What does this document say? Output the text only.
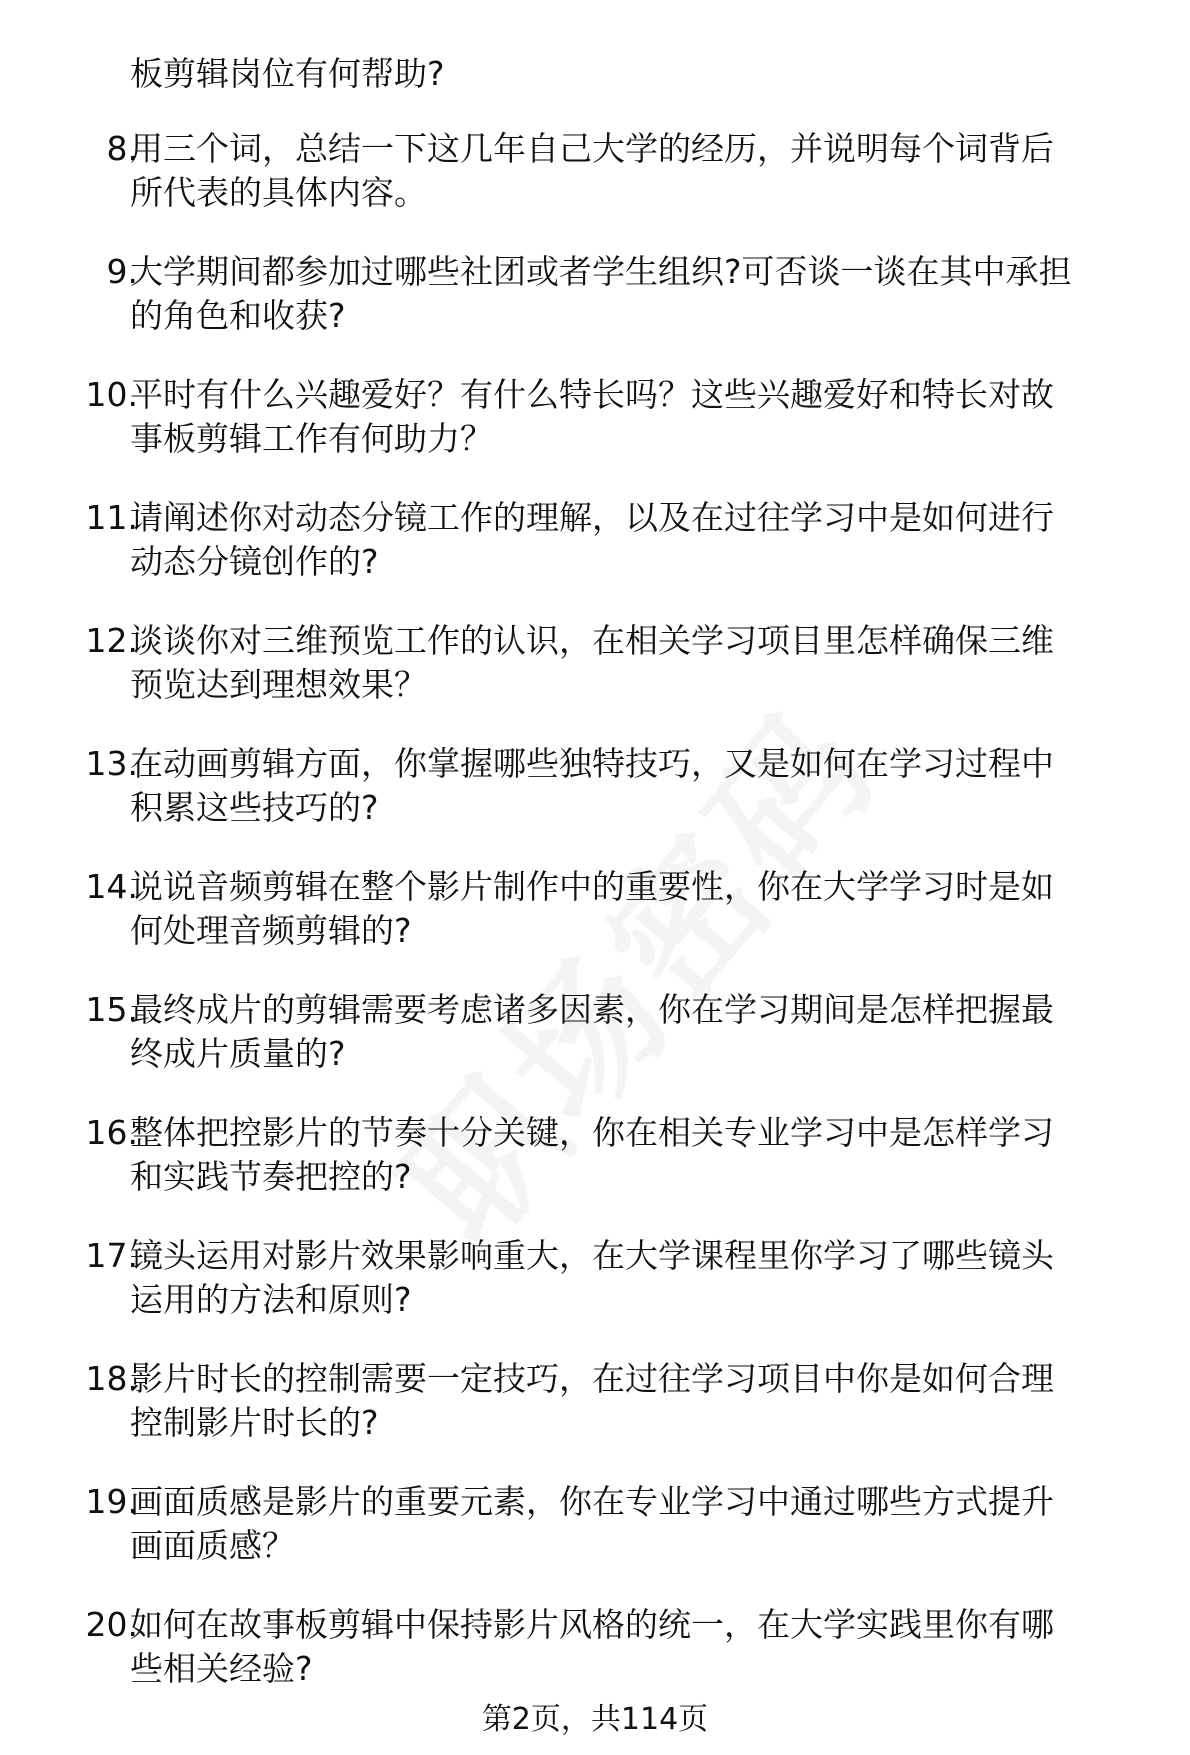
板剪辑岗位有何帮助?
8.
用三个词，总结一下这几年自己大学的经历，并说明每个词背后
所代表的具体内容。
9.
大学期间都参加过哪些社团或者学生组织?可否谈一谈在其中承担
的角色和收获?
10.
平时有什么兴趣爱好？有什么特长吗？这些兴趣爱好和特长对故
事板剪辑工作有何助力？
11.
请阐述你对动态分镜工作的理解，以及在过往学习中是如何进行
动态分镜创作的?
12.
谈谈你对三维预览工作的认识，在相关学习项目里怎样确保三维
预览达到理想效果？
13.
在动画剪辑方面，你掌握哪些独特技巧，又是如何在学习过程中
积累这些技巧的?
14.
说说音频剪辑在整个影片制作中的重要性，你在大学学习时是如
何处理音频剪辑的?
15.
最终成片的剪辑需要考虑诸多因素，你在学习期间是怎样把握最
终成片质量的?
16.
整体把控影片的节奏十分关键，你在相关专业学习中是怎样学习
和实践节奏把控的?
17.
镜头运用对影片效果影响重大，在大学课程里你学习了哪些镜头
运用的方法和原则?
18.
影片时长的控制需要一定技巧，在过往学习项目中你是如何合理
控制影片时长的?
19.
画面质感是影片的重要元素，你在专业学习中通过哪些方式提升
画面质感？
20.
如何在故事板剪辑中保持影片风格的统一，在大学实践里你有哪
些相关经验?
第2页，共114页
